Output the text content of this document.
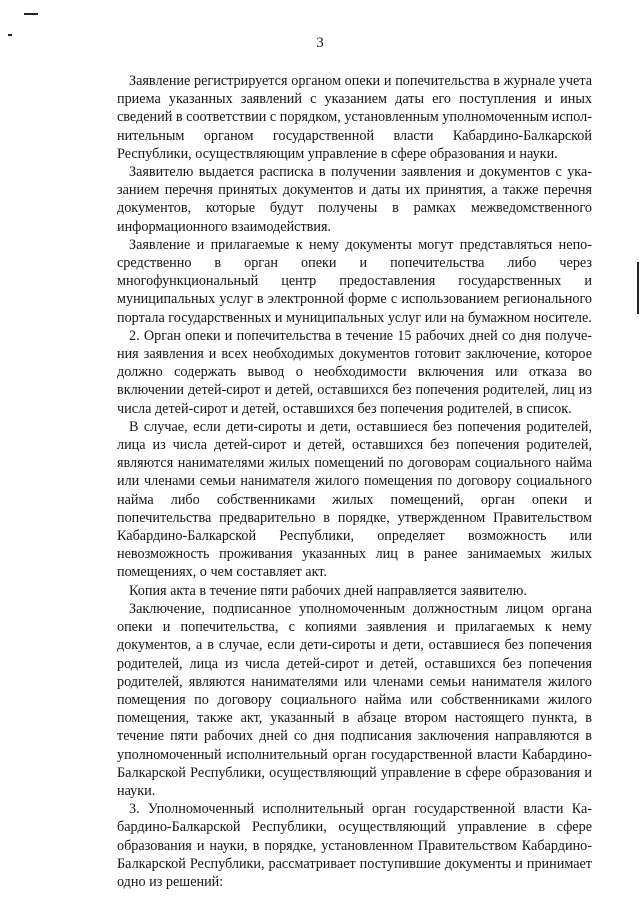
3

Заявление регистрируется органом опеки и попечительства в журнале учета приема указанных заявлений с указанием даты его поступления и иных сведений в соответствии с порядком, установленным уполномоченным исполнительным органом государственной власти Кабардино-Балкарской Республики, осуществляющим управление в сфере образования и науки.

Заявителю выдается расписка в получении заявления и документов с указанием перечня принятых документов и даты их принятия, а также перечня документов, которые будут получены в рамках межведомственного информационного взаимодействия.

Заявление и прилагаемые к нему документы могут представляться непосредственно в орган опеки и попечительства либо через многофункциональный центр предоставления государственных и муниципальных услуг в электронной форме с использованием регионального портала государственных и муниципальных услуг или на бумажном носителе.

2. Орган опеки и попечительства в течение 15 рабочих дней со дня получения заявления и всех необходимых документов готовит заключение, которое должно содержать вывод о необходимости включения или отказа во включении детей-сирот и детей, оставшихся без попечения родителей, лиц из числа детей-сирот и детей, оставшихся без попечения родителей, в список.

В случае, если дети-сироты и дети, оставшиеся без попечения родителей, лица из числа детей-сирот и детей, оставшихся без попечения родителей, являются нанимателями жилых помещений по договорам социального найма или членами семьи нанимателя жилого помещения по договору социального найма либо собственниками жилых помещений, орган опеки и попечительства предварительно в порядке, утвержденном Правительством Кабардино-Балкарской Республики, определяет возможность или невозможность проживания указанных лиц в ранее занимаемых жилых помещениях, о чем составляет акт.

Копия акта в течение пяти рабочих дней направляется заявителю.

Заключение, подписанное уполномоченным должностным лицом органа опеки и попечительства, с копиями заявления и прилагаемых к нему документов, а в случае, если дети-сироты и дети, оставшиеся без попечения родителей, лица из числа детей-сирот и детей, оставшихся без попечения родителей, являются нанимателями или членами семьи нанимателя жилого помещения по договору социального найма или собственниками жилого помещения, также акт, указанный в абзаце втором настоящего пункта, в течение пяти рабочих дней со дня подписания заключения направляются в уполномоченный исполнительный орган государственной власти Кабардино-Балкарской Республики, осуществляющий управление в сфере образования и науки.

3. Уполномоченный исполнительный орган государственной власти Кабардино-Балкарской Республики, осуществляющий управление в сфере образования и науки, в порядке, установленном Правительством Кабардино-Балкарской Республики, рассматривает поступившие документы и принимает одно из решений:
